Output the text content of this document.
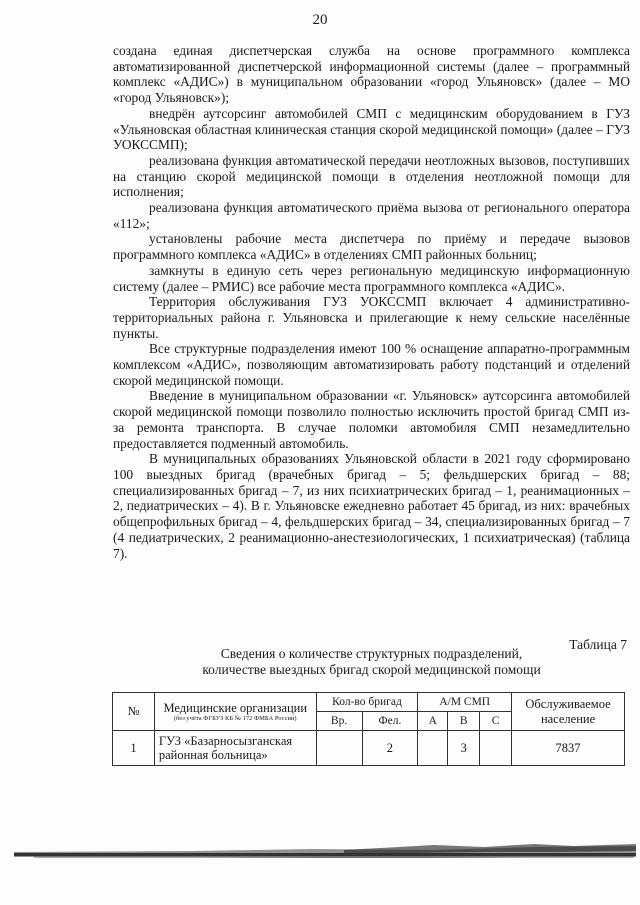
20

создана единая диспетчерская служба на основе программного комплекса автоматизированной диспетчерской информационной системы (далее – программный комплекс «АДИС») в муниципальном образовании «город Ульяновск» (далее – МО «город Ульяновск»);

внедрён аутсорсинг автомобилей СМП с медицинским оборудованием в ГУЗ «Ульяновская областная клиническая станция скорой медицинской помощи» (далее – ГУЗ УОКССМП);

реализована функция автоматической передачи неотложных вызовов, поступивших на станцию скорой медицинской помощи в отделения неотложной помощи для исполнения;

реализована функция автоматического приёма вызова от регионального оператора «112»;

установлены рабочие места диспетчера по приёму и передаче вызовов программного комплекса «АДИС» в отделениях СМП районных больниц;

замкнуты в единую сеть через региональную медицинскую информационную систему (далее – РМИС) все рабочие места программного комплекса «АДИС».

Территория обслуживания ГУЗ УОКССМП включает 4 административно-территориальных района г. Ульяновска и прилегающие к нему сельские населённые пункты.

Все структурные подразделения имеют 100 % оснащение аппаратно-программным комплексом «АДИС», позволяющим автоматизировать работу подстанций и отделений скорой медицинской помощи.

Введение в муниципальном образовании «г. Ульяновск» аутсорсинга автомобилей скорой медицинской помощи позволило полностью исключить простой бригад СМП из-за ремонта транспорта. В случае поломки автомобиля СМП незамедлительно предоставляется подменный автомобиль.

В муниципальных образованиях Ульяновской области в 2021 году сформировано 100 выездных бригад (врачебных бригад – 5; фельдшерских бригад – 88; специализированных бригад – 7, из них психиатрических бригад – 1, реанимационных – 2, педиатрических – 4). В г. Ульяновске ежедневно работает 45 бригад, из них: врачебных общепрофильных бригад – 4, фельдшерских бригад – 34, специализированных бригад – 7 (4 педиатрических, 2 реанимационно-анестезиологических, 1 психиатрическая) (таблица 7).

Таблица 7
Сведения о количестве структурных подразделений,
количестве выездных бригад скорой медицинской помощи
№	Медицинские организации
(без учёта ФГБУЗ КБ № 172 ФМБА России)	Кол-во бригад		А/М СМП			Обслуживаемое население
		Вр.	Фел.	А	В	С	
1	ГУЗ «Базарносызганская районная больница»		2		3		7837
